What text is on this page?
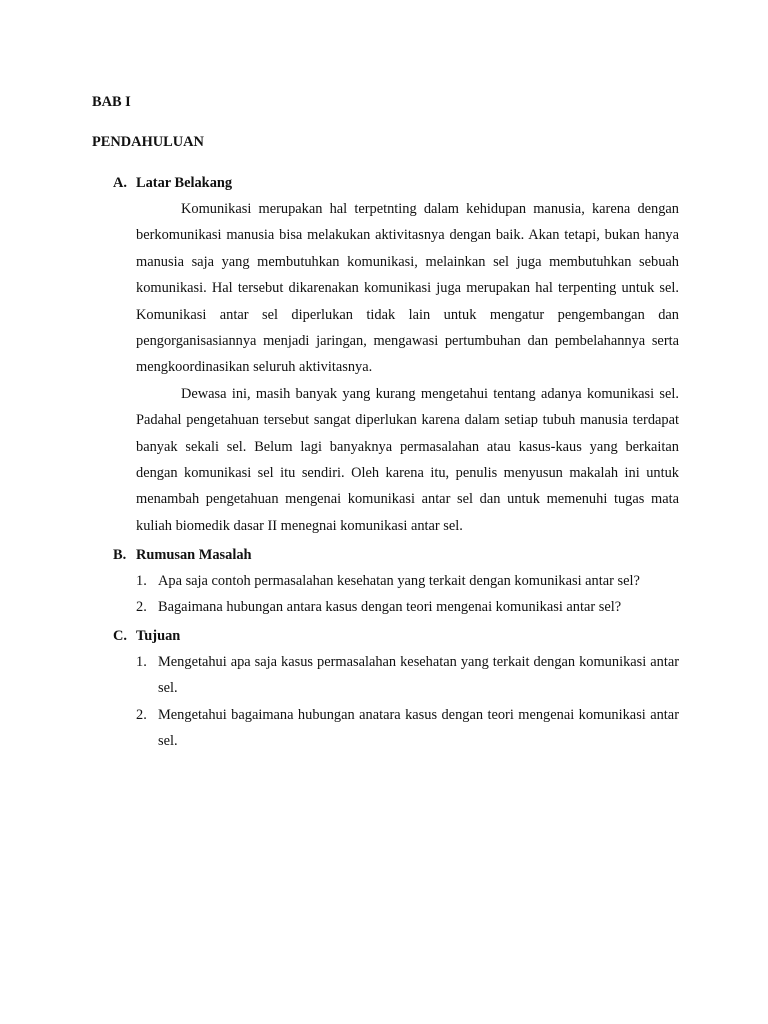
BAB I
PENDAHULUAN
A. Latar Belakang

Komunikasi merupakan hal terpetnting dalam kehidupan manusia, karena dengan berkomunikasi manusia bisa melakukan aktivitasnya dengan baik. Akan tetapi, bukan hanya manusia saja yang membutuhkan komunikasi, melainkan sel juga membutuhkan sebuah komunikasi. Hal tersebut dikarenakan komunikasi juga merupakan hal terpenting untuk sel. Komunikasi antar sel diperlukan tidak lain untuk mengatur pengembangan dan pengorganisasiannya menjadi jaringan, mengawasi pertumbuhan dan pembelahannya serta mengkoordinasikan seluruh aktivitasnya.

Dewasa ini, masih banyak yang kurang mengetahui tentang adanya komunikasi sel. Padahal pengetahuan tersebut sangat diperlukan karena dalam setiap tubuh manusia terdapat banyak sekali sel. Belum lagi banyaknya permasalahan atau kasus-kaus yang berkaitan dengan komunikasi sel itu sendiri. Oleh karena itu, penulis menyusun makalah ini untuk menambah pengetahuan mengenai komunikasi antar sel dan untuk memenuhi tugas mata kuliah biomedik dasar II menegnai komunikasi antar sel.

B. Rumusan Masalah
1. Apa saja contoh permasalahan kesehatan yang terkait dengan komunikasi antar sel?
2. Bagaimana hubungan antara kasus dengan teori mengenai komunikasi antar sel?
C. Tujuan
1. Mengetahui apa saja kasus permasalahan kesehatan yang terkait dengan komunikasi antar sel.
2. Mengetahui bagaimana hubungan anatara kasus dengan teori mengenai komunikasi antar sel.
